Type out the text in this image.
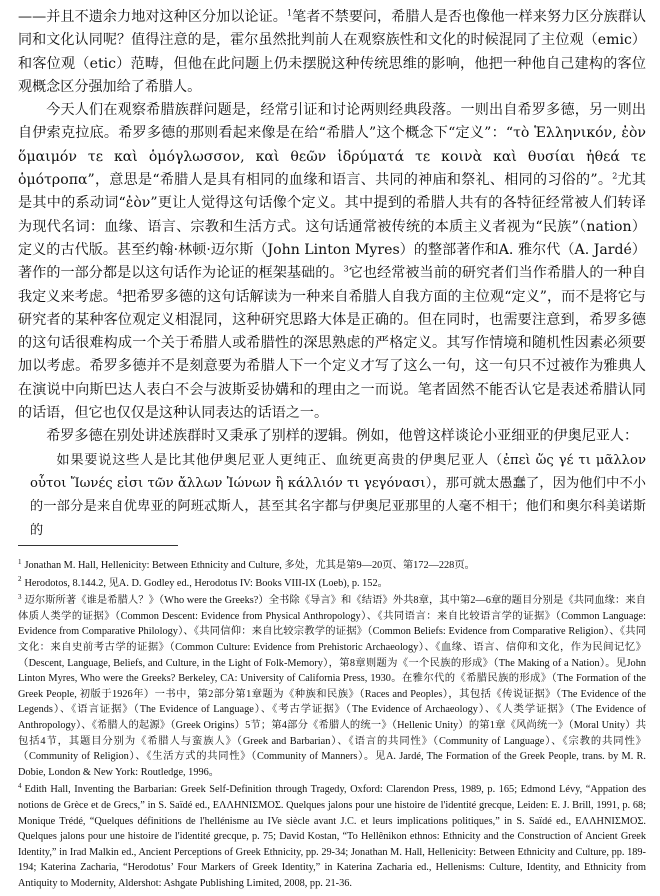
——并且不遗余力地对这种区分加以论证。$^1$笔者不禁要问，希腊人是否也像他一样来努力区分族群认同和文化认同呢？值得注意的是，霍尔虽然批判前人在观察族性和文化的时候混同了主位观（emic）和客位观（etic）范畴，但他在此问题上仍未摆脱这种传统思维的影响，他把一种他自己建构的客位观概念区分强加给了希腊人。

今天人们在观察希腊族群问题是，经常引证和讨论两则经典段落。一则出自希罗多德，另一则出自伊索克拉底。希罗多德的那则看起来像是在给“希腊人”这个概念下“定义”：“τὸ Ἑλληνικόν, ἐὸν ὅμαιμόν τε καὶ ὁμόγλωσσον, καὶ θεῶν ἱδρύματά τε κοινὰ καὶ θυσίαι ἠθεά τε ὁμότροπα”，意思是“希腊人是具有相同的血缘和语言、共同的神庙和祭礼、相同的习俗的”。$^2$尤其是其中的系动词“ἐὸν”更让人觉得这句话像个定义。其中提到的希腊人共有的各特征经常被人们转译为现代名词：血缘、语言、宗教和生活方式。这句话通常被传统的本质主义者视为“民族”（nation）定义的古代版。甚至约翰·林顿·迈尔斯（John Linton Myres）的整部著作和A. 雅尔代（A. Jardé）著作的一部分都是以这句话作为论证的框架基础的。$^3$它也经常被当前的研究者们当作希腊人的一种自我定义来考虑。$^4$把希罗多德的这句话解读为一种来自希腊人自我方面的主位观“定义”，而不是将它与研究者的某种客位观定义相混同，这种研究思路大体是正确的。但在同时，也需要注意到，希罗多德的这句话很难构成一个关于希腊人或希腊性的深思熟虑的严格定义。其写作情境和随机性因素必须要加以考虑。希罗多德并不是刻意要为希腊人下一个定义才写了这么一句，这一句只不过被作为雅典人在演说中向斯巴达人表白不会与波斯妥协媾和的理由之一而说。笔者固然不能否认它是表述希腊认同的话语，但它也仅仅是这种认同表达的话语之一。

希罗多德在别处讲述族群时又秉承了别样的逻辑。例如，他曾这样谈论小亚细亚的伊奥尼亚人：

如果要说这些人是比其他伊奥尼亚人更纯正、血统更高贵的伊奥尼亚人（ἐπεὶ ὥς γέ τι μᾶλλον οὗτοι Ἴωνές εἰσι τῶν ἄλλων Ἰώνων ἢ κάλλιόν τι γεγόνασι），那可就太愚蠢了，因为他们中不小的一部分是来自优卑亚的阿班忒斯人，甚至其名字都与伊奥尼亚那里的人毫不相干；他们和奥尔科美诺斯的

$^1$ Jonathan M. Hall, Hellenicity: Between Ethnicity and Culture, 多处，尤其是第9—20页、第172—228页。

$^2$ Herodotos, 8.144.2, 见A. D. Godley ed., Herodotus IV: Books VIII-IX (Loeb), p. 152。

$^3$ 迈尔斯所著《谁是希腊人？》（Who were the Greeks?）全书除《导言》和《结语》外共8章，其中第2—6章的题目分别是《共同血缘：来自体质人类学的证据》（Common Descent: Evidence from Physical Anthropology）、《共同语言：来自比较语言学的证据》（Common Language: Evidence from Comparative Philology）、《共同信仰：来自比较宗教学的证据》（Common Beliefs: Evidence from Comparative Religion）、《共同文化：来自史前考古学的证据》（Common Culture: Evidence from Prehistoric Archaeology）、《血缘、语言、信仰和文化，作为民间记忆》（Descent, Language, Beliefs, and Culture, in the Light of Folk-Memory），第8章则题为《一个民族的形成》（The Making of a Nation）。见John Linton Myres, Who were the Greeks? Berkeley, CA: University of California Press, 1930。在雅尔代的《希腊民族的形成》（The Formation of the Greek People, 初版于1926年）一书中，第2部分第1章题为《种族和民族》（Races and Peoples），其包括《传说证据》（The Evidence of the Legends）、《语言证据》（The Evidence of Language）、《考古学证据》（The Evidence of Archaeology）、《人类学证据》（The Evidence of Anthropology）、《希腊人的起源》（Greek Origins）5节；第4部分《希腊人的统一》（Hellenic Unity）的第1章《风尚统一》（Moral Unity）共包括4节，其题目分别为《希腊人与蛮族人》（Greek and Barbarian）、《语言的共同性》（Community of Language）、《宗教的共同性》（Community of Religion）、《生活方式的共同性》（Community of Manners）。见A. Jardé, The Formation of the Greek People, trans. by M. R. Dobie, London & New York: Routledge, 1996。

$^4$ Edith Hall, Inventing the Barbarian: Greek Self-Definition through Tragedy, Oxford: Clarendon Press, 1989, p. 165; Edmond Lévy, “Appation des notions de Grèce et de Grecs,” in S. Saïdé ed., ΕΛΛΗΝΙΣΜΟΣ. Quelques jalons pour une histoire de l'identité grecque, Leiden: E. J. Brill, 1991, p. 68; Monique Trédé, “Quelques définitions de l'hellénisme au IVe siècle avant J.C. et leurs implications politiques,” in S. Saïdé ed., ΕΛΛΗΝΙΣΜΟΣ. Quelques jalons pour une histoire de l'identité grecque, p. 75; David Kostan, “To Hellênikon ethnos: Ethnicity and the Construction of Ancient Greek Identity,” in Irad Malkin ed., Ancient Perceptions of Greek Ethnicity, pp. 29-34; Jonathan M. Hall, Hellenicity: Between Ethnicity and Culture, pp. 189-194; Katerina Zacharia, “Herodotus’ Four Markers of Greek Identity,” in Katerina Zacharia ed., Hellenisms: Culture, Identity, and Ethnicity from Antiquity to Modernity, Aldershot: Ashgate Publishing Limited, 2008, pp. 21-36.
